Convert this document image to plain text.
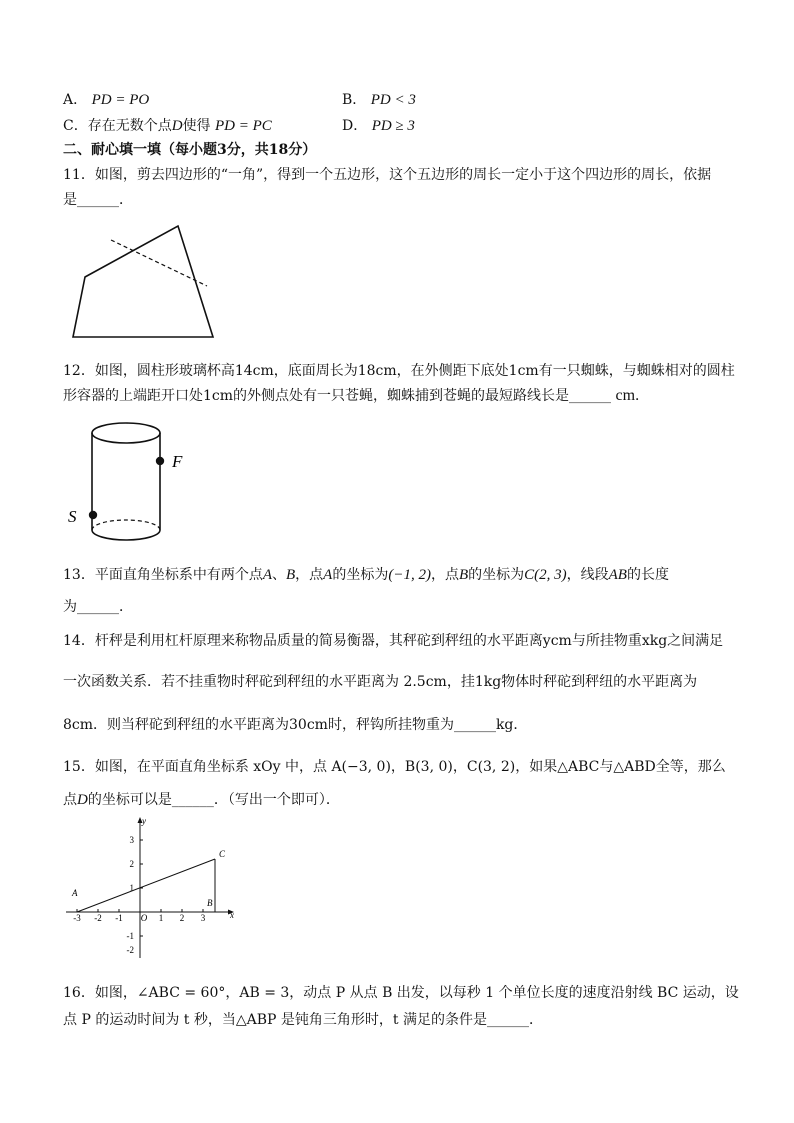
A． PD = PO	B． PD < 3
C．存在无数个点D使得 PD = PC	D． PD ≥ 3
二、耐心填一填（每小题3分，共18分）
11．如图，剪去四边形的“一角”，得到一个五边形，这个五边形的周长一定小于这个四边形的周长，依据
是______．
12．如图，圆柱形玻璃杯高14cm，底面周长为18cm，在外侧距下底处1cm有一只蜘蛛，与蜘蛛相对的圆柱
形容器的上端距开口处1cm的外侧点处有一只苍蝇，蜘蛛捕到苍蝇的最短路线长是______ cm．
F
S
13．平面直角坐标系中有两个点A、B，点A的坐标为(−1, 2)，点B的坐标为C(2, 3)，线段AB的长度
为______．
14．杆秤是利用杠杆原理来称物品质量的简易衡器，其秤砣到秤纽的水平距离ycm与所挂物重xkg之间满足
一次函数关系．若不挂重物时秤砣到秤纽的水平距离为 2.5cm，挂1kg物体时秤砣到秤纽的水平距离为
8cm．则当秤砣到秤纽的水平距离为30cm时，秤钩所挂物重为______kg．
15．如图，在平面直角坐标系 xOy 中，点 A(−3, 0)，B(3, 0)，C(3, 2)，如果△ABC与△ABD全等，那么
点D的坐标可以是______．（写出一个即可）．
-3 -2 -1 O 1 2 3
3
2
1
-1
-2
x
y
A
B
C
16．如图，∠ABC = 60°，AB = 3，动点 P 从点 B 出发，以每秒 1 个单位长度的速度沿射线 BC 运动，设
点 P 的运动时间为 t 秒，当△ABP 是钝角三角形时，t 满足的条件是______．
